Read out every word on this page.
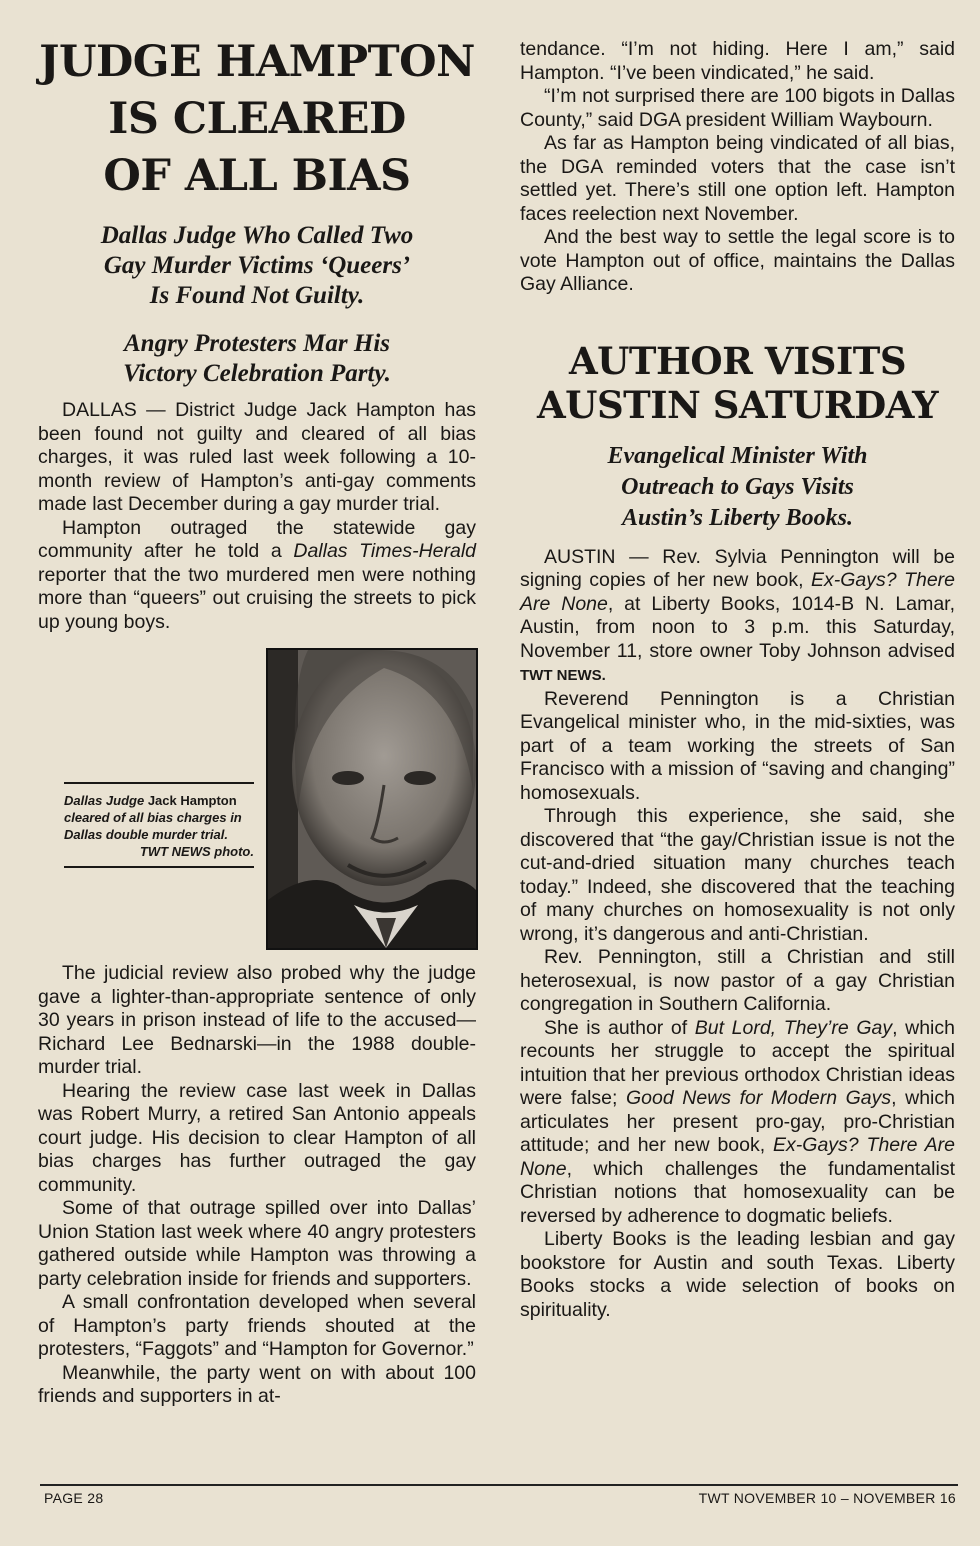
JUDGE HAMPTON
IS CLEARED
OF ALL BIAS
Dallas Judge Who Called Two
Gay Murder Victims ‘Queers’
Is Found Not Guilty.
Angry Protesters Mar His
Victory Celebration Party.

DALLAS — District Judge Jack Hampton has been found not guilty and cleared of all bias charges, it was ruled last week following a 10-month review of Hampton’s anti-gay comments made last December during a gay murder trial.

Hampton outraged the statewide gay community after he told a Dallas Times-Herald reporter that the two murdered men were nothing more than “queers” out cruising the streets to pick up young boys.

Dallas Judge Jack Hampton cleared of all bias charges in Dallas double murder trial.
TWT NEWS photo.

The judicial review also probed why the judge gave a lighter-than-appropriate sentence of only 30 years in prison instead of life to the accused—Richard Lee Bednarski—in the 1988 double-murder trial.

Hearing the review case last week in Dallas was Robert Murry, a retired San Antonio appeals court judge. His decision to clear Hampton of all bias charges has further outraged the gay community.

Some of that outrage spilled over into Dallas’ Union Station last week where 40 angry protesters gathered outside while Hampton was throwing a party celebration inside for friends and supporters.

A small confrontation developed when several of Hampton’s party friends shouted at the protesters, “Faggots” and “Hampton for Governor.”

Meanwhile, the party went on with about 100 friends and supporters in at-

tendance. “I’m not hiding. Here I am,” said Hampton. “I’ve been vindicated,” he said.

“I’m not surprised there are 100 bigots in Dallas County,” said DGA president William Waybourn.

As far as Hampton being vindicated of all bias, the DGA reminded voters that the case isn’t settled yet. There’s still one option left. Hampton faces reelection next November.

And the best way to settle the legal score is to vote Hampton out of office, maintains the Dallas Gay Alliance.

AUTHOR VISITS
AUSTIN SATURDAY
Evangelical Minister With
Outreach to Gays Visits
Austin’s Liberty Books.

AUSTIN — Rev. Sylvia Pennington will be signing copies of her new book, Ex-Gays? There Are None, at Liberty Books, 1014-B N. Lamar, Austin, from noon to 3 p.m. this Saturday, November 11, store owner Toby Johnson advised TWT NEWS.

Reverend Pennington is a Christian Evangelical minister who, in the mid-sixties, was part of a team working the streets of San Francisco with a mission of “saving and changing” homosexuals.

Through this experience, she said, she discovered that “the gay/Christian issue is not the cut-and-dried situation many churches teach today.” Indeed, she discovered that the teaching of many churches on homosexuality is not only wrong, it’s dangerous and anti-Christian.

Rev. Pennington, still a Christian and still heterosexual, is now pastor of a gay Christian congregation in Southern California.

She is author of But Lord, They’re Gay, which recounts her struggle to accept the spiritual intuition that her previous orthodox Christian ideas were false; Good News for Modern Gays, which articulates her present pro-gay, pro-Christian attitude; and her new book, Ex-Gays? There Are None, which challenges the fundamentalist Christian notions that homosexuality can be reversed by adherence to dogmatic beliefs.

Liberty Books is the leading lesbian and gay bookstore for Austin and south Texas. Liberty Books stocks a wide selection of books on spirituality.

PAGE 28	TWT NOVEMBER 10 – NOVEMBER 16
